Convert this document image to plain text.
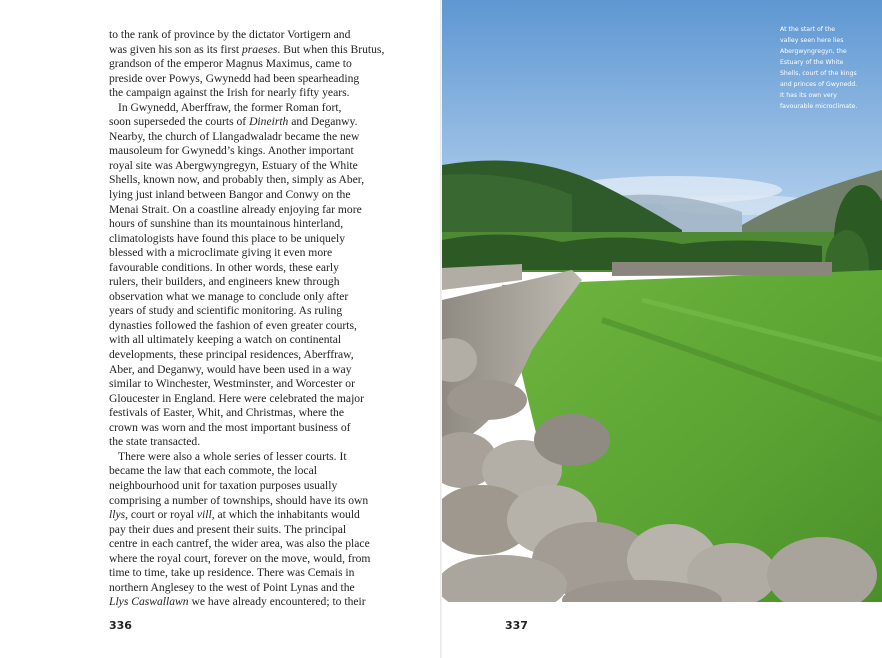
to the rank of province by the dictator Vortigern and
was given his son as its first praeses. But when this Brutus,
grandson of the emperor Magnus Maximus, came to
preside over Powys, Gwynedd had been spearheading
the campaign against the Irish for nearly fifty years.
In Gwynedd, Aberffraw, the former Roman fort,
soon superseded the courts of Dineirth and Deganwy.
Nearby, the church of Llangadwaladr became the new
mausoleum for Gwynedd’s kings. Another important
royal site was Abergwyngregyn, Estuary of the White
Shells, known now, and probably then, simply as Aber,
lying just inland between Bangor and Conwy on the
Menai Strait. On a coastline already enjoying far more
hours of sunshine than its mountainous hinterland,
climatologists have found this place to be uniquely
blessed with a microclimate giving it even more
favourable conditions. In other words, these early
rulers, their builders, and engineers knew through
observation what we manage to conclude only after
years of study and scientific monitoring. As ruling
dynasties followed the fashion of even greater courts,
with all ultimately keeping a watch on continental
developments, these principal residences, Aberffraw,
Aber, and Deganwy, would have been used in a way
similar to Winchester, Westminster, and Worcester or
Gloucester in England. Here were celebrated the major
festivals of Easter, Whit, and Christmas, where the
crown was worn and the most important business of
the state transacted.
There were also a whole series of lesser courts. It
became the law that each commote, the local
neighbourhood unit for taxation purposes usually
comprising a number of townships, should have its own
llys, court or royal vill, at which the inhabitants would
pay their dues and present their suits. The principal
centre in each cantref, the wider area, was also the place
where the royal court, forever on the move, would, from
time to time, take up residence. There was Cemais in
northern Anglesey to the west of Point Lynas and the
Llys Caswallawn we have already encountered; to their
336	337
At the start of the
valley seen here lies
Abergwyngregyn, the
Estuary of the White
Shells, court of the kings
and princes of Gwynedd.
It has its own very
favourable microclimate.
